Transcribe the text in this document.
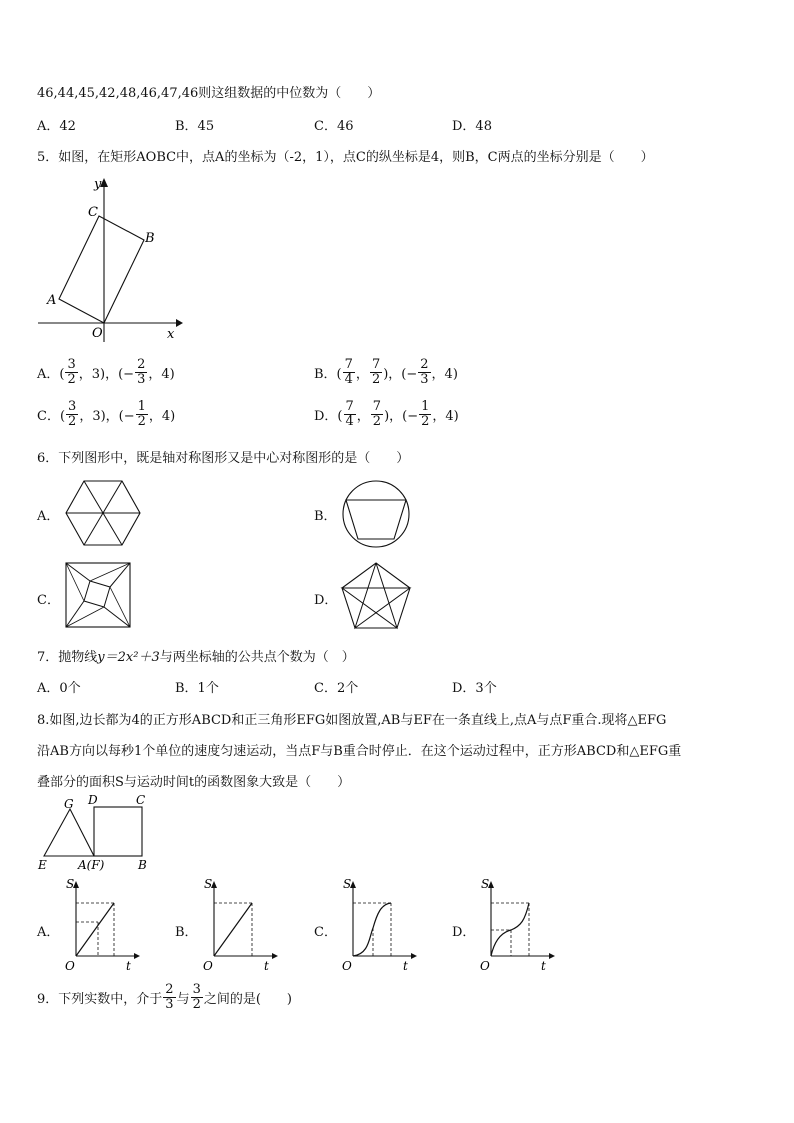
46,44,45,42,48,46,47,46则这组数据的中位数为（　　）
A．42	B．45	C．46	D．48
5．如图，在矩形AOBC中，点A的坐标为（-2，1），点C的纵坐标是4，则B，C两点的坐标分别是（　　）
y
x
C
B
A
O
A．( $\frac{3}{2}$ ，3)，(− $\frac{2}{3}$ ，4)	B．( $\frac{7}{4}$ ， $\frac{7}{2}$ )，(− $\frac{2}{3}$ ，4)
C．( $\frac{3}{2}$ ，3)，(− $\frac{1}{2}$ ，4)	D．( $\frac{7}{4}$ ， $\frac{7}{2}$ )，(− $\frac{1}{2}$ ，4)
6．下列图形中，既是轴对称图形又是中心对称图形的是（　　）
A．	B．
C．	D．
7．抛物线 y＝2x²＋3 与两坐标轴的公共点个数为（　）
A．0个	B．1个	C．2个	D．3个
8.如图,边长都为4的正方形ABCD和正三角形EFG如图放置,AB与EF在一条直线上,点A与点F重合.现将△EFG
沿AB方向以每秒1个单位的速度匀速运动，当点F与B重合时停止．在这个运动过程中，正方形ABCD和△EFG重
叠部分的面积S与运动时间t的函数图象大致是（　　）
G D	C
E	A(F)	B
A．
S
O	t
B．
S
O	t
C．
S
O	t
D．
S
O	t
9．下列实数中，介于 $\frac{2}{3}$ 与 $\frac{3}{2}$ 之间的是(　　)
